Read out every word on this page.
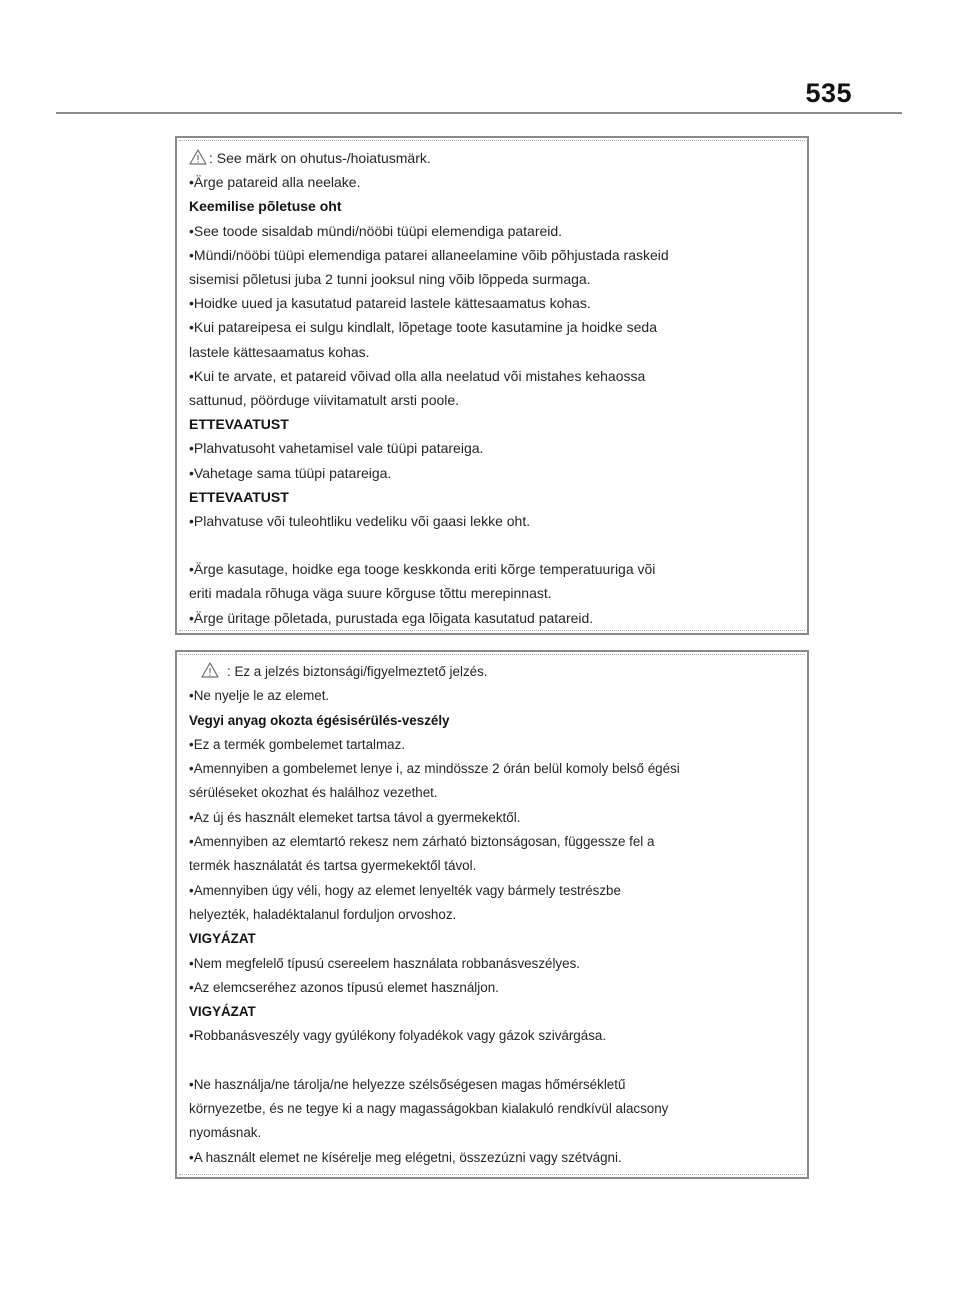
535
: See märk on ohutus-/hoiatusmärk.
•Ärge patareid alla neelake.
Keemilise põletuse oht
•See toode sisaldab mündi/nööbi tüüpi elemendiga patareid.
•Mündi/nööbi tüüpi elemendiga patarei allaneelamine võib põhjustada raskeid
sisemisi põletusi juba 2 tunni jooksul ning võib lõppeda surmaga.
•Hoidke uued ja kasutatud patareid lastele kättesaamatus kohas.
•Kui patareipesa ei sulgu kindlalt, lõpetage toote kasutamine ja hoidke seda
lastele kättesaamatus kohas.
•Kui te arvate, et patareid võivad olla alla neelatud või mistahes kehaossa
sattunud, pöörduge viivitamatult arsti poole.
ETTEVAATUST
•Plahvatusoht vahetamisel vale tüüpi patareiga.
•Vahetage sama tüüpi patareiga.
ETTEVAATUST
•Plahvatuse või tuleohtliku vedeliku või gaasi lekke oht.
•Ärge kasutage, hoidke ega tooge keskkonda eriti kõrge temperatuuriga või
eriti madala rõhuga väga suure kõrguse tõttu merepinnast.
•Ärge üritage põletada, purustada ega lõigata kasutatud patareid.
: Ez a jelzés biztonsági/figyelmeztető jelzés.
•Ne nyelje le az elemet.
Vegyi anyag okozta égésisérülés-veszély
•Ez a termék gombelemet tartalmaz.
•Amennyiben a gombelemet lenye i, az mindössze 2 órán belül komoly belső égési
sérüléseket okozhat és halálhoz vezethet.
•Az új és használt elemeket tartsa távol a gyermekektől.
•Amennyiben az elemtartó rekesz nem zárható biztonságosan, függessze fel a
termék használatát és tartsa gyermekektől távol.
•Amennyiben úgy véli, hogy az elemet lenyelték vagy bármely testrészbe
helyezték, haladéktalanul forduljon orvoshoz.
VIGYÁZAT
•Nem megfelelő típusú csereelem használata robbanásveszélyes.
•Az elemcseréhez azonos típusú elemet használjon.
VIGYÁZAT
•Robbanásveszély vagy gyúlékony folyadékok vagy gázok szivárgása.
•Ne használja/ne tárolja/ne helyezze szélsőségesen magas hőmérsékletű
környezetbe, és ne tegye ki a nagy magasságokban kialakuló rendkívül alacsony
nyomásnak.
•A használt elemet ne kísérelje meg elégetni, összezúzni vagy szétvágni.
